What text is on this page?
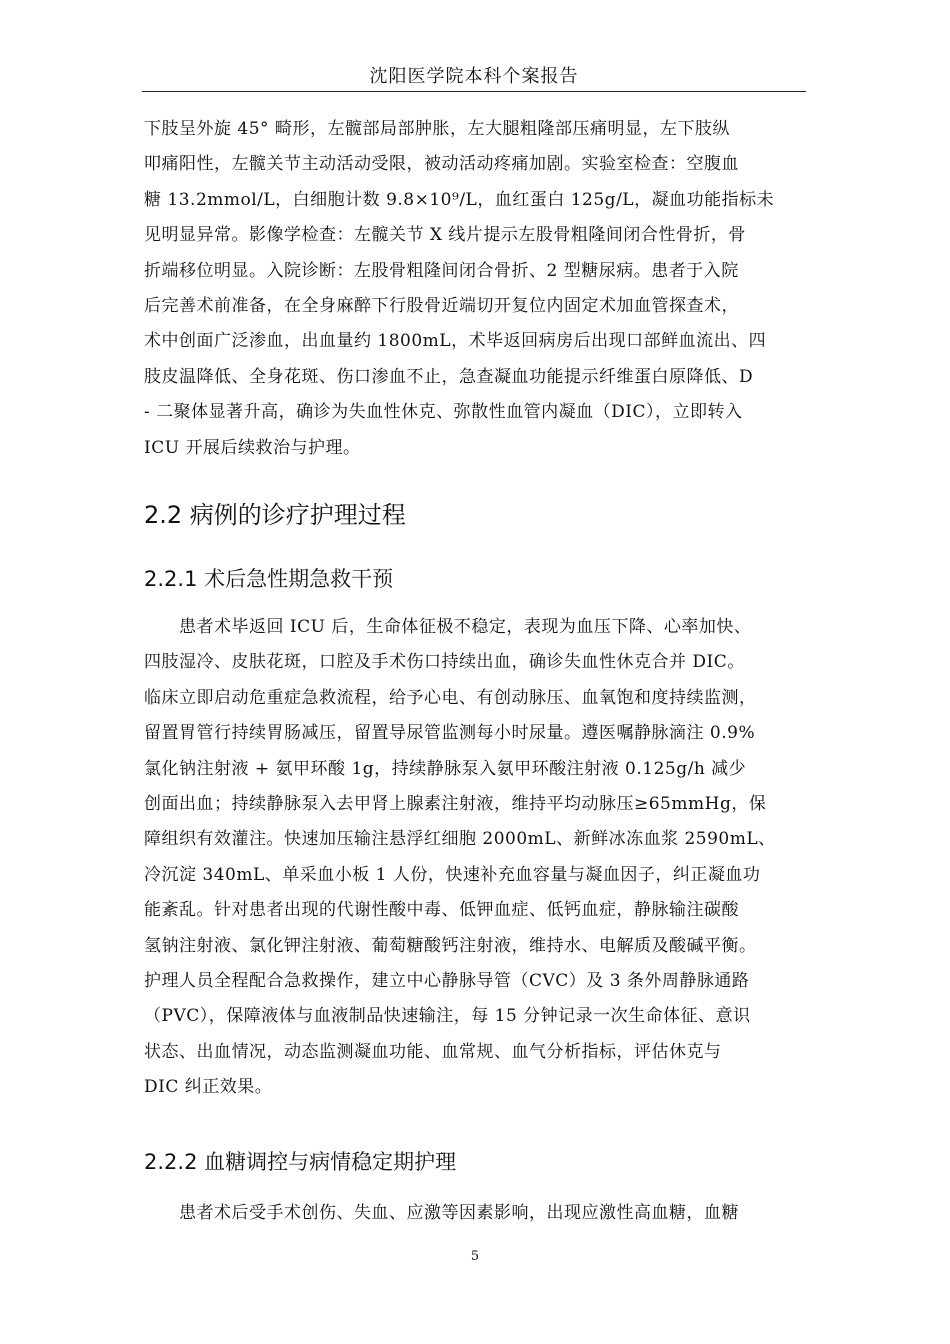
沈阳医学院本科个案报告
下肢呈外旋 45° 畸形，左髋部局部肿胀，左大腿粗隆部压痛明显，左下肢纵
叩痛阳性，左髋关节主动活动受限，被动活动疼痛加剧。实验室检查：空腹血
糖 13.2mmol/L，白细胞计数 9.8×10⁹/L，血红蛋白 125g/L，凝血功能指标未
见明显异常。影像学检查：左髋关节 X 线片提示左股骨粗隆间闭合性骨折，骨
折端移位明显。入院诊断：左股骨粗隆间闭合骨折、2 型糖尿病。患者于入院
后完善术前准备，在全身麻醉下行股骨近端切开复位内固定术加血管探查术，
术中创面广泛渗血，出血量约 1800mL，术毕返回病房后出现口部鲜血流出、四
肢皮温降低、全身花斑、伤口渗血不止，急查凝血功能提示纤维蛋白原降低、D
- 二聚体显著升高，确诊为失血性休克、弥散性血管内凝血（DIC），立即转入
ICU 开展后续救治与护理。
2.2 病例的诊疗护理过程
2.2.1 术后急性期急救干预
患者术毕返回 ICU 后，生命体征极不稳定，表现为血压下降、心率加快、
四肢湿冷、皮肤花斑，口腔及手术伤口持续出血，确诊失血性休克合并 DIC。
临床立即启动危重症急救流程，给予心电、有创动脉压、血氧饱和度持续监测，
留置胃管行持续胃肠减压，留置导尿管监测每小时尿量。遵医嘱静脉滴注 0.9%
氯化钠注射液 + 氨甲环酸 1g，持续静脉泵入氨甲环酸注射液 0.125g/h 减少
创面出血；持续静脉泵入去甲肾上腺素注射液，维持平均动脉压≥65mmHg，保
障组织有效灌注。快速加压输注悬浮红细胞 2000mL、新鲜冰冻血浆 2590mL、
冷沉淀 340mL、单采血小板 1 人份，快速补充血容量与凝血因子，纠正凝血功
能紊乱。针对患者出现的代谢性酸中毒、低钾血症、低钙血症，静脉输注碳酸
氢钠注射液、氯化钾注射液、葡萄糖酸钙注射液，维持水、电解质及酸碱平衡。
护理人员全程配合急救操作，建立中心静脉导管（CVC）及 3 条外周静脉通路
（PVC），保障液体与血液制品快速输注，每 15 分钟记录一次生命体征、意识
状态、出血情况，动态监测凝血功能、血常规、血气分析指标，评估休克与
DIC 纠正效果。
2.2.2 血糖调控与病情稳定期护理
患者术后受手术创伤、失血、应激等因素影响，出现应激性高血糖，血糖
5
